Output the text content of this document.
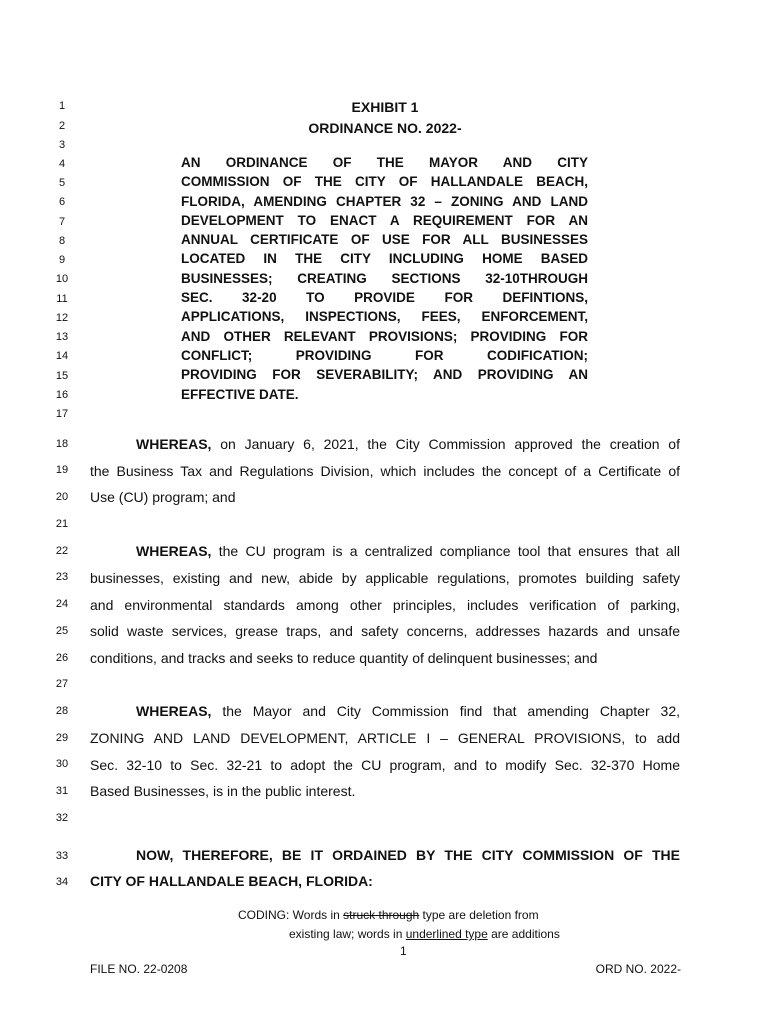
1
2
3
4
5
6
7
8
9
10
11
12
13
14
15
16
17
18
19
20
21
22
23
24
25
26
27
28
29
30
31
32
33
34
EXHIBIT 1
ORDINANCE NO. 2022-
AN ORDINANCE OF THE MAYOR AND CITY
COMMISSION OF THE CITY OF HALLANDALE BEACH,
FLORIDA, AMENDING CHAPTER 32 – ZONING AND LAND
DEVELOPMENT TO ENACT A REQUIREMENT FOR AN
ANNUAL CERTIFICATE OF USE FOR ALL BUSINESSES
LOCATED IN THE CITY INCLUDING HOME BASED
BUSINESSES; CREATING SECTIONS 32-10THROUGH
SEC. 32-20 TO PROVIDE FOR DEFINTIONS,
APPLICATIONS, INSPECTIONS, FEES, ENFORCEMENT,
AND OTHER RELEVANT PROVISIONS; PROVIDING FOR
CONFLICT; PROVIDING FOR CODIFICATION;
PROVIDING FOR SEVERABILITY; AND PROVIDING AN
EFFECTIVE DATE.
WHEREAS, on January 6, 2021, the City Commission approved the creation of
the Business Tax and Regulations Division, which includes the concept of a Certificate of
Use (CU) program; and
WHEREAS, the CU program is a centralized compliance tool that ensures that all
businesses, existing and new, abide by applicable regulations, promotes building safety
and environmental standards among other principles, includes verification of parking,
solid waste services, grease traps, and safety concerns, addresses hazards and unsafe
conditions, and tracks and seeks to reduce quantity of delinquent businesses; and
WHEREAS, the Mayor and City Commission find that amending Chapter 32,
ZONING AND LAND DEVELOPMENT, ARTICLE I – GENERAL PROVISIONS, to add
Sec. 32-10 to Sec. 32-21 to adopt the CU program, and to modify Sec. 32-370 Home
Based Businesses, is in the public interest.
NOW, THEREFORE, BE IT ORDAINED BY THE CITY COMMISSION OF THE
CITY OF HALLANDALE BEACH, FLORIDA:
CODING: Words in struck through type are deletion from
existing law; words in underlined type are additions
1
FILE NO. 22-0208	ORD NO. 2022-
